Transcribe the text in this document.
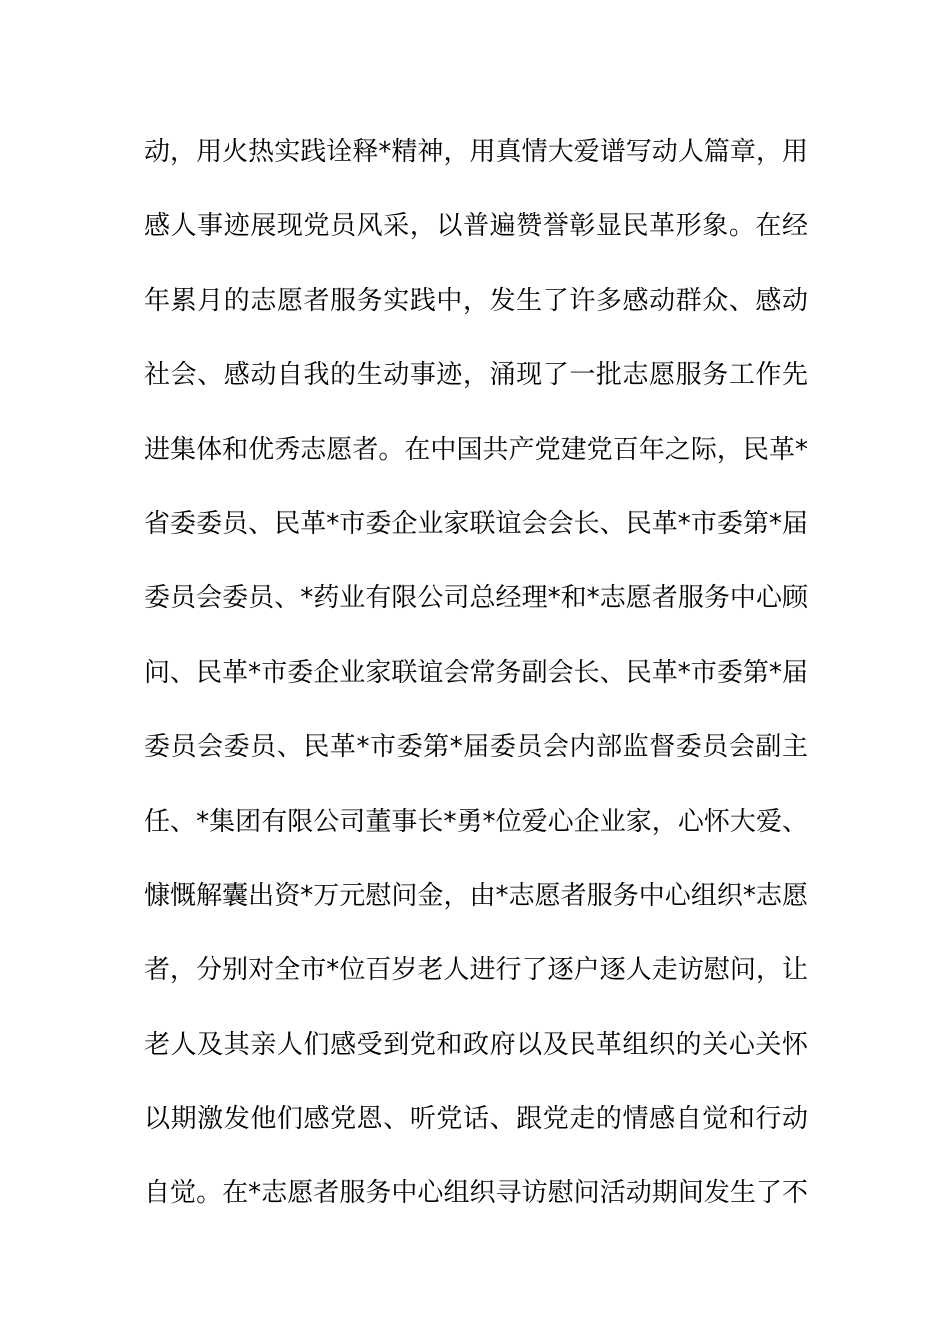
动，用火热实践诠释*精神，用真情大爱谱写动人篇章，用
感人事迹展现党员风采，以普遍赞誉彰显民革形象。在经
年累月的志愿者服务实践中，发生了许多感动群众、感动
社会、感动自我的生动事迹，涌现了一批志愿服务工作先
进集体和优秀志愿者。在中国共产党建党百年之际，民革*
省委委员、民革*市委企业家联谊会会长、民革*市委第*届
委员会委员、*药业有限公司总经理*和*志愿者服务中心顾
问、民革*市委企业家联谊会常务副会长、民革*市委第*届
委员会委员、民革*市委第*届委员会内部监督委员会副主
任、*集团有限公司董事长*勇*位爱心企业家，心怀大爱、
慷慨解囊出资*万元慰问金，由*志愿者服务中心组织*志愿
者，分别对全市*位百岁老人进行了逐户逐人走访慰问，让
老人及其亲人们感受到党和政府以及民革组织的关心关怀
以期激发他们感党恩、听党话、跟党走的情感自觉和行动
自觉。在*志愿者服务中心组织寻访慰问活动期间发生了不
